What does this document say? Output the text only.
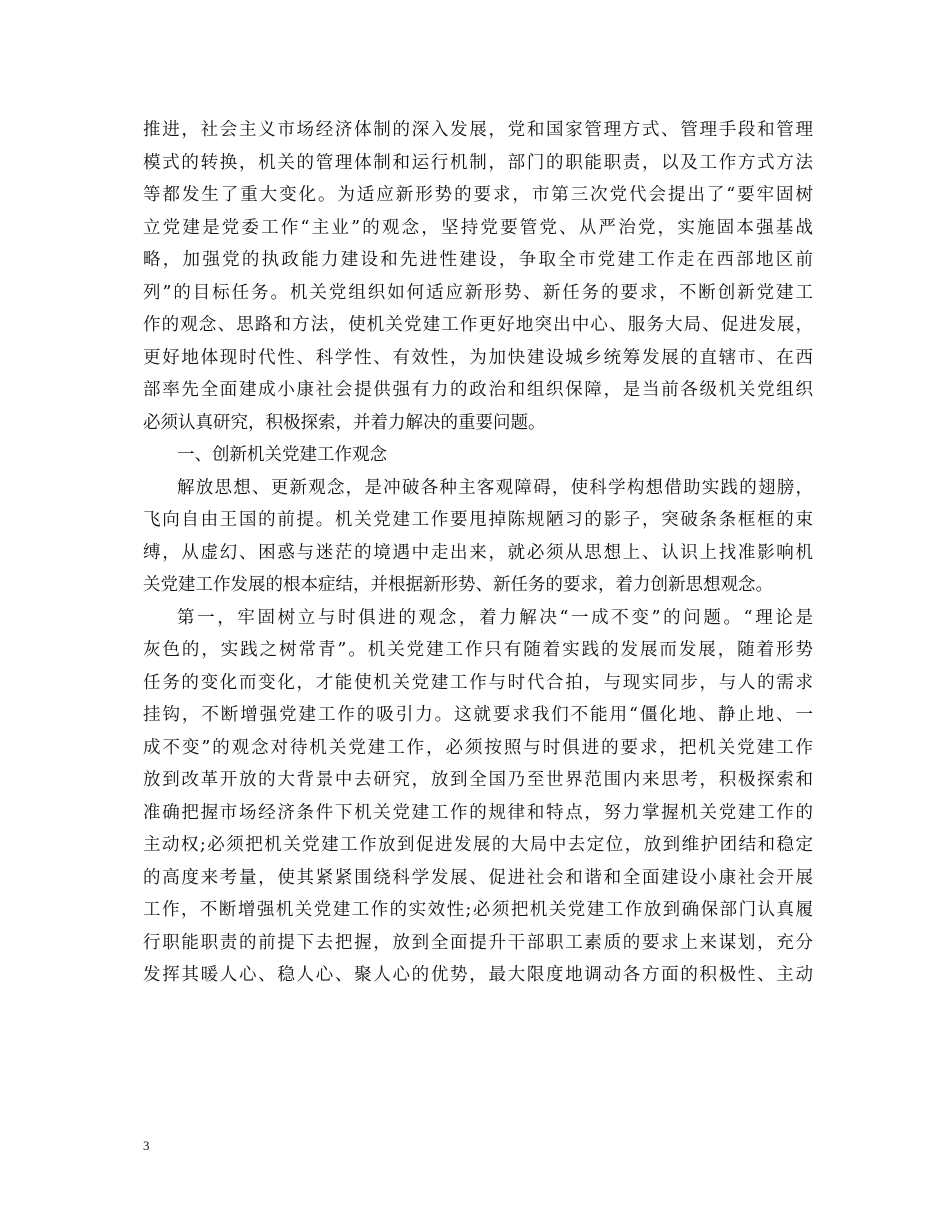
推进，社会主义市场经济体制的深入发展，党和国家管理方式、管理手段和管理
模式的转换，机关的管理体制和运行机制，部门的职能职责，以及工作方式方法
等都发生了重大变化。为适应新形势的要求，市第三次党代会提出了“要牢固树
立党建是党委工作“主业”的观念，坚持党要管党、从严治党，实施固本强基战
略，加强党的执政能力建设和先进性建设，争取全市党建工作走在西部地区前
列”的目标任务。机关党组织如何适应新形势、新任务的要求，不断创新党建工
作的观念、思路和方法，使机关党建工作更好地突出中心、服务大局、促进发展，
更好地体现时代性、科学性、有效性，为加快建设城乡统筹发展的直辖市、在西
部率先全面建成小康社会提供强有力的政治和组织保障，是当前各级机关党组织
必须认真研究，积极探索，并着力解决的重要问题。
一、创新机关党建工作观念
解放思想、更新观念，是冲破各种主客观障碍，使科学构想借助实践的翅膀，
飞向自由王国的前提。机关党建工作要甩掉陈规陋习的影子，突破条条框框的束
缚，从虚幻、困惑与迷茫的境遇中走出来，就必须从思想上、认识上找准影响机
关党建工作发展的根本症结，并根据新形势、新任务的要求，着力创新思想观念。
第一，牢固树立与时俱进的观念，着力解决“一成不变”的问题。“理论是
灰色的，实践之树常青”。机关党建工作只有随着实践的发展而发展，随着形势
任务的变化而变化，才能使机关党建工作与时代合拍，与现实同步，与人的需求
挂钩，不断增强党建工作的吸引力。这就要求我们不能用“僵化地、静止地、一
成不变”的观念对待机关党建工作，必须按照与时俱进的要求，把机关党建工作
放到改革开放的大背景中去研究，放到全国乃至世界范围内来思考，积极探索和
准确把握市场经济条件下机关党建工作的规律和特点，努力掌握机关党建工作的
主动权;必须把机关党建工作放到促进发展的大局中去定位，放到维护团结和稳定
的高度来考量，使其紧紧围绕科学发展、促进社会和谐和全面建设小康社会开展
工作，不断增强机关党建工作的实效性;必须把机关党建工作放到确保部门认真履
行职能职责的前提下去把握，放到全面提升干部职工素质的要求上来谋划，充分
发挥其暖人心、稳人心、聚人心的优势，最大限度地调动各方面的积极性、主动
3
